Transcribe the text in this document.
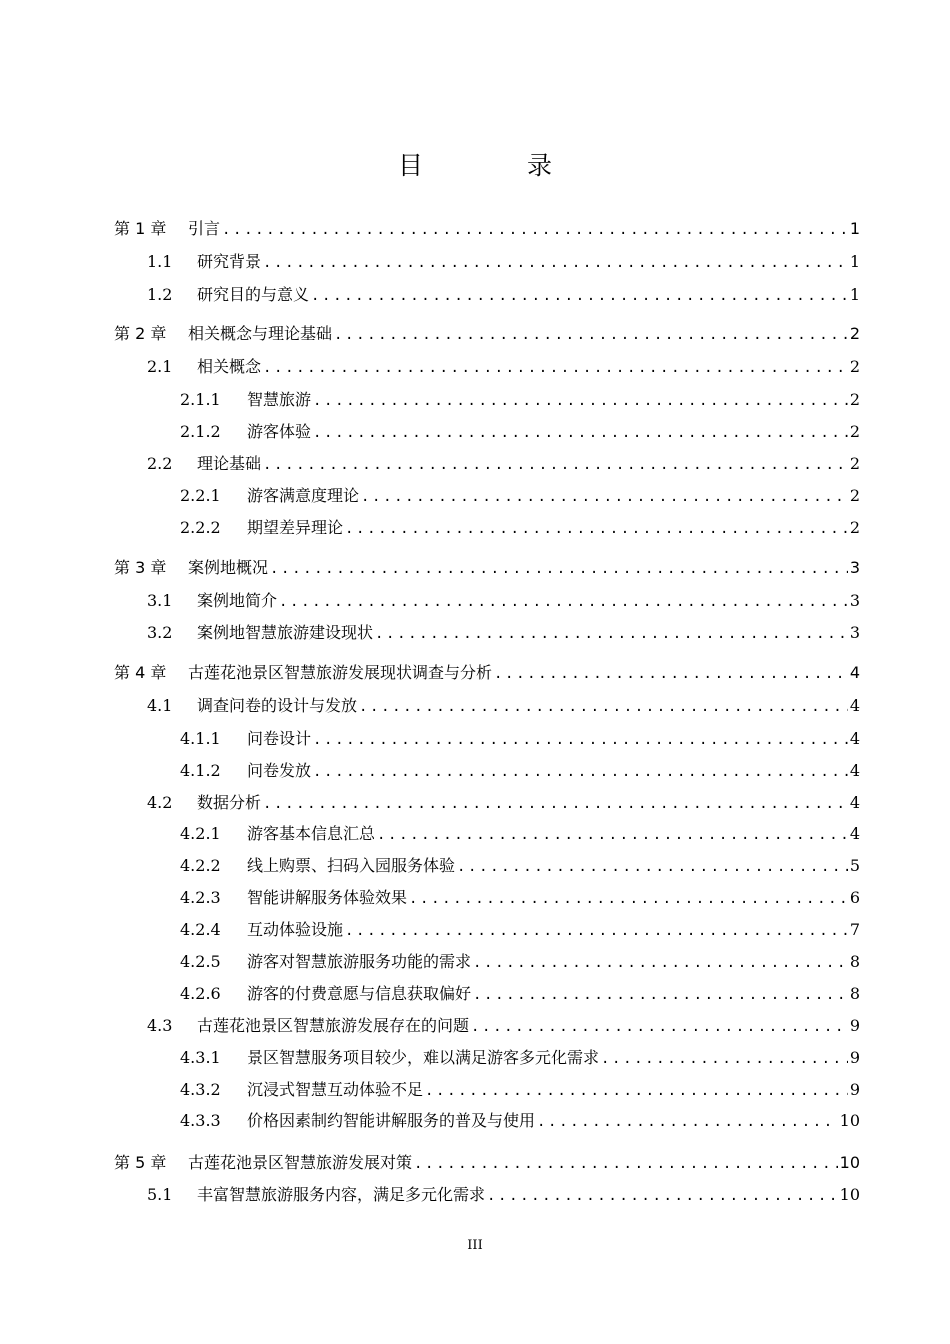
目 录
第 1 章	引言 .....	1
1.1	研究背景 .....	1
1.2	研究目的与意义 .....	1
第 2 章	相关概念与理论基础 .....	2
2.1	相关概念 .....	2
2.1.1	智慧旅游 .....	2
2.1.2	游客体验 .....	2
2.2	理论基础 .....	2
2.2.1	游客满意度理论 .....	2
2.2.2	期望差异理论 .....	2
第 3 章	案例地概况 .....	3
3.1	案例地简介 .....	3
3.2	案例地智慧旅游建设现状 .....	3
第 4 章	古莲花池景区智慧旅游发展现状调查与分析 .....	4
4.1	调查问卷的设计与发放 .....	4
4.1.1	问卷设计 .....	4
4.1.2	问卷发放 .....	4
4.2	数据分析 .....	4
4.2.1	游客基本信息汇总 .....	4
4.2.2	线上购票、扫码入园服务体验 .....	5
4.2.3	智能讲解服务体验效果 .....	6
4.2.4	互动体验设施 .....	7
4.2.5	游客对智慧旅游服务功能的需求 .....	8
4.2.6	游客的付费意愿与信息获取偏好 .....	8
4.3	古莲花池景区智慧旅游发展存在的问题 .....	9
4.3.1	景区智慧服务项目较少，难以满足游客多元化需求 .....	9
4.3.2	沉浸式智慧互动体验不足 .....	9
4.3.3	价格因素制约智能讲解服务的普及与使用 .....	10
第 5 章	古莲花池景区智慧旅游发展对策 .....	10
5.1	丰富智慧旅游服务内容，满足多元化需求 .....	10
III
